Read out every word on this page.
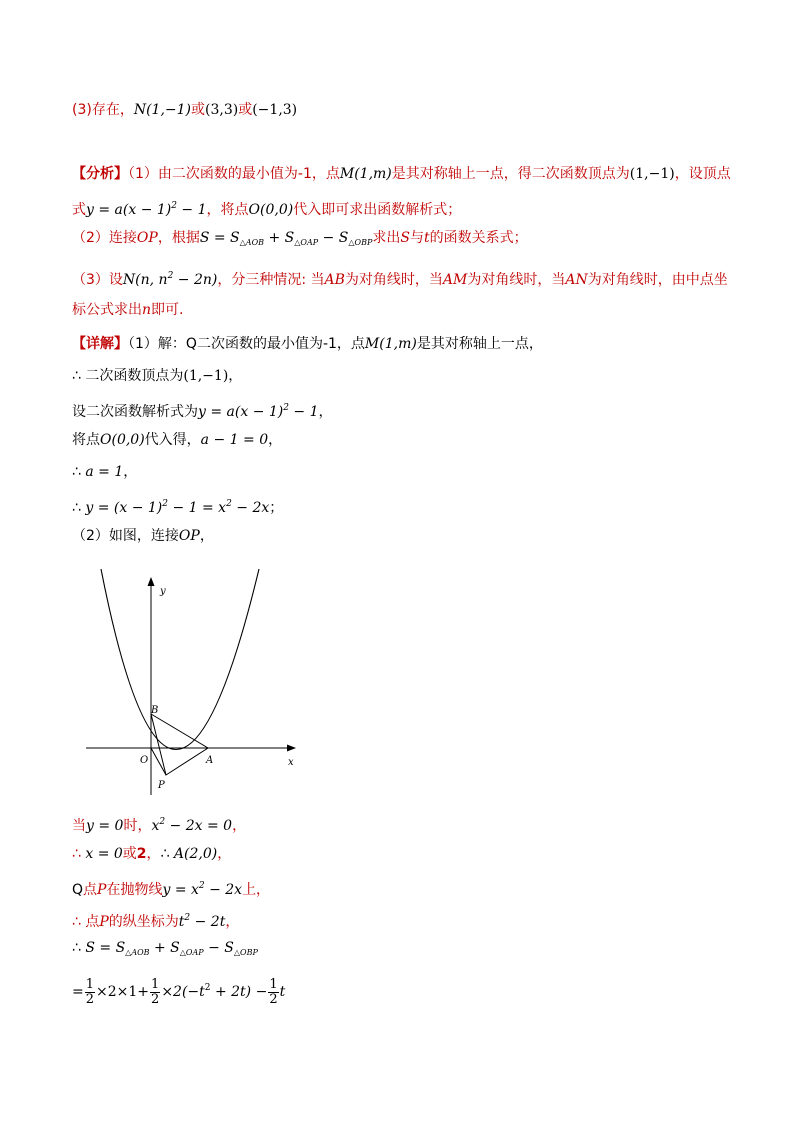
(3)存在，N(1,−1)或(3,3)或(−1,3)
【分析】（1）由二次函数的最小值为-1，点M(1,m)是其对称轴上一点，得二次函数顶点为(1,−1)，设顶点
式$y = a(x - 1)^2 - 1$，将点O(0,0)代入即可求出函数解析式；
（2）连接OP，根据$S = S_{\triangle AOB} + S_{\triangle OAP} - S_{\triangle OBP}$求出S与t的函数关系式；
（3）设N(n, $n^2 - 2n$)，分三种情况: 当AB为对角线时，当AM为对角线时，当AN为对角线时，由中点坐
标公式求出n即可.
【详解】（1）解：Q二次函数的最小值为-1，点M(1,m)是其对称轴上一点，
∴ 二次函数顶点为(1,−1)，
设二次函数解析式为$y = a(x - 1)^2 - 1$，
将点O(0,0)代入得，a − 1 = 0，
∴ a = 1，
∴ $y = (x - 1)^2 - 1 = x^2 - 2x$；
（2）如图，连接OP，
y
x
O	A
B
P
当y = 0时，$x^2 - 2x = 0$，
∴ x = 0或2，∴ A(2,0)，
Q点P在抛物线$y = x^2 - 2x$上，
∴ 点P的纵坐标为$t^2 - 2t$，
∴ $S = S_{\triangle AOB} + S_{\triangle OAP} - S_{\triangle OBP}$
= $\frac{1}{2} \times 2\times 1+ \frac{1}{2} \times 2(-t^2 + 2t) - \frac{1}{2}$ t
